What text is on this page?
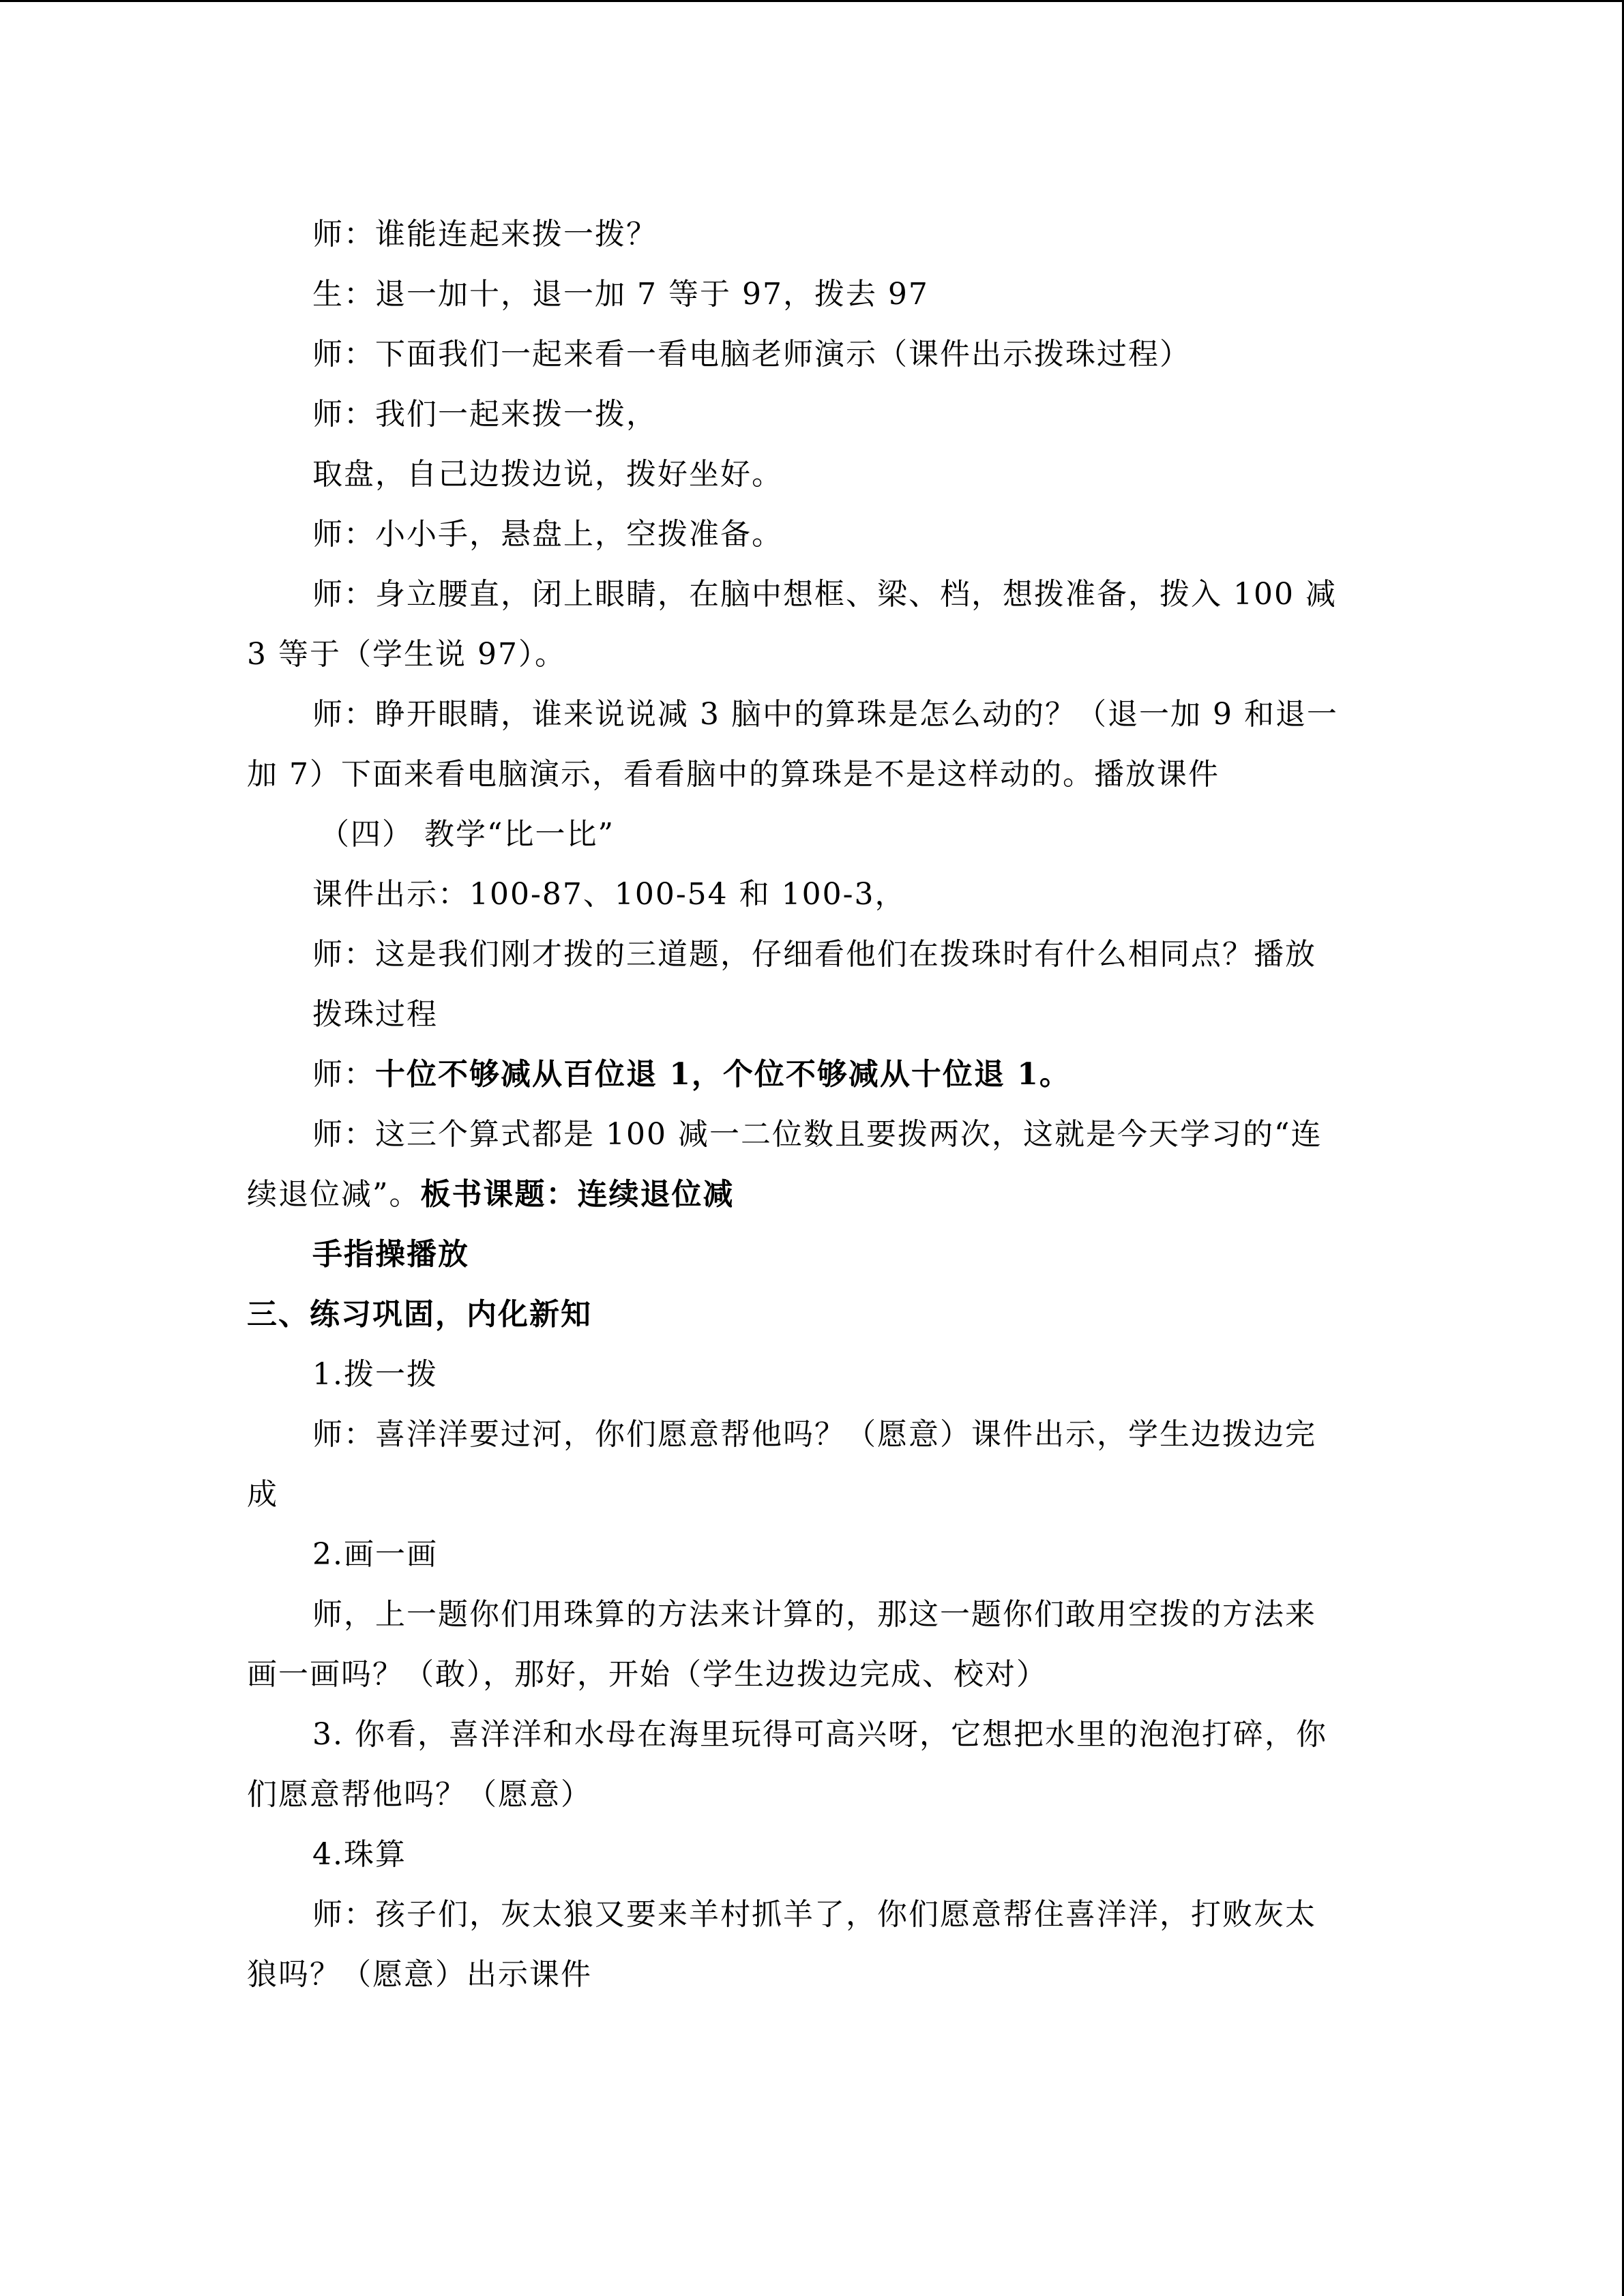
师：谁能连起来拨一拨？
生：退一加十，退一加 7 等于 97，拨去 97
师：下面我们一起来看一看电脑老师演示（课件出示拨珠过程）
师：我们一起来拨一拨，
取盘，自己边拨边说，拨好坐好。
师：小小手，悬盘上，空拨准备。
师：身立腰直，闭上眼睛，在脑中想框、梁、档，想拨准备，拨入 100 减
3 等于（学生说 97）。
师：睁开眼睛，谁来说说减 3 脑中的算珠是怎么动的？（退一加 9 和退一
加 7）下面来看电脑演示，看看脑中的算珠是不是这样动的。播放课件
（四） 教学“比一比”
课件出示：100-87、100-54 和 100-3，
师：这是我们刚才拨的三道题，仔细看他们在拨珠时有什么相同点？播放
拨珠过程
师：十位不够减从百位退 1，个位不够减从十位退 1。
师：这三个算式都是 100 减一二位数且要拨两次，这就是今天学习的“连
续退位减”。板书课题：连续退位减
手指操播放
三、练习巩固，内化新知
1.拨一拨
师：喜洋洋要过河，你们愿意帮他吗？（愿意）课件出示，学生边拨边完
成
2.画一画
师，上一题你们用珠算的方法来计算的，那这一题你们敢用空拨的方法来
画一画吗？（敢），那好，开始（学生边拨边完成、校对）
3. 你看，喜洋洋和水母在海里玩得可高兴呀，它想把水里的泡泡打碎，你
们愿意帮他吗？（愿意）
4.珠算
师：孩子们，灰太狼又要来羊村抓羊了，你们愿意帮住喜洋洋，打败灰太
狼吗？（愿意）出示课件
